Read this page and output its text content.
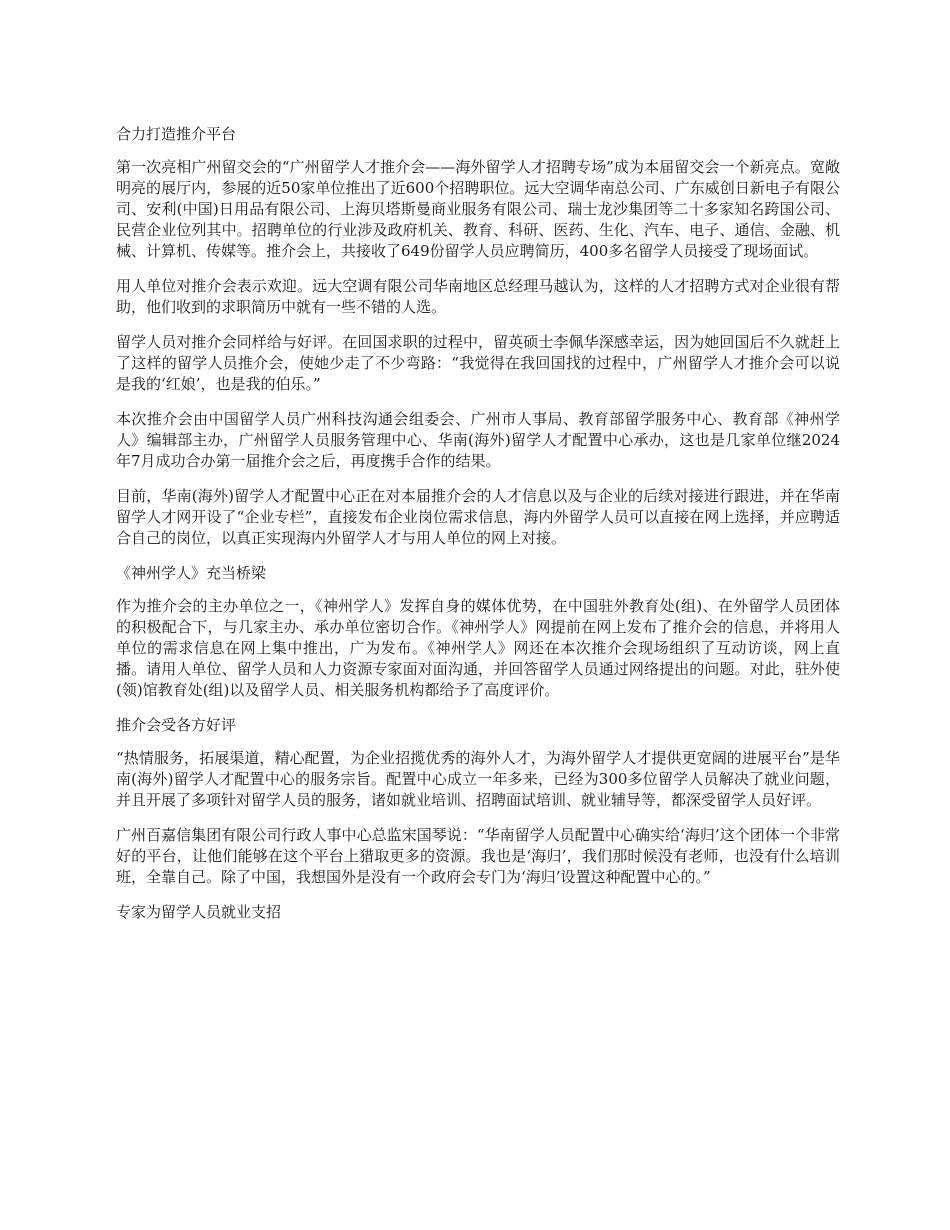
合力打造推介平台

第一次亮相广州留交会的“广州留学人才推介会——海外留学人才招聘专场”成为本届留交会一个新亮点。宽敞明亮的展厅内，参展的近50家单位推出了近600个招聘职位。远大空调华南总公司、广东威创日新电子有限公司、安利(中国)日用品有限公司、上海贝塔斯曼商业服务有限公司、瑞士龙沙集团等二十多家知名跨国公司、民营企业位列其中。招聘单位的行业涉及政府机关、教育、科研、医药、生化、汽车、电子、通信、金融、机械、计算机、传媒等。推介会上，共接收了649份留学人员应聘简历，400多名留学人员接受了现场面试。

用人单位对推介会表示欢迎。远大空调有限公司华南地区总经理马越认为，这样的人才招聘方式对企业很有帮助，他们收到的求职简历中就有一些不错的人选。

留学人员对推介会同样给与好评。在回国求职的过程中，留英硕士李佩华深感幸运，因为她回国后不久就赶上了这样的留学人员推介会，使她少走了不少弯路：“我觉得在我回国找的过程中，广州留学人才推介会可以说是我的‘红娘’，也是我的伯乐。”

本次推介会由中国留学人员广州科技沟通会组委会、广州市人事局、教育部留学服务中心、教育部《神州学人》编辑部主办，广州留学人员服务管理中心、华南(海外)留学人才配置中心承办，这也是几家单位继2024年7月成功合办第一届推介会之后，再度携手合作的结果。

目前，华南(海外)留学人才配置中心正在对本届推介会的人才信息以及与企业的后续对接进行跟进，并在华南留学人才网开设了“企业专栏”，直接发布企业岗位需求信息，海内外留学人员可以直接在网上选择，并应聘适合自己的岗位，以真正实现海内外留学人才与用人单位的网上对接。

《神州学人》充当桥梁

作为推介会的主办单位之一，《神州学人》发挥自身的媒体优势，在中国驻外教育处(组)、在外留学人员团体的积极配合下，与几家主办、承办单位密切合作。《神州学人》网提前在网上发布了推介会的信息，并将用人单位的需求信息在网上集中推出，广为发布。《神州学人》网还在本次推介会现场组织了互动访谈，网上直播。请用人单位、留学人员和人力资源专家面对面沟通，并回答留学人员通过网络提出的问题。对此，驻外使(领)馆教育处(组)以及留学人员、相关服务机构都给予了高度评价。

推介会受各方好评

“热情服务，拓展渠道，精心配置，为企业招揽优秀的海外人才，为海外留学人才提供更宽阔的进展平台”是华南(海外)留学人才配置中心的服务宗旨。配置中心成立一年多来，已经为300多位留学人员解决了就业问题，并且开展了多项针对留学人员的服务，诸如就业培训、招聘面试培训、就业辅导等，都深受留学人员好评。

广州百嘉信集团有限公司行政人事中心总监宋国琴说：“华南留学人员配置中心确实给‘海归’这个团体一个非常好的平台，让他们能够在这个平台上猎取更多的资源。我也是‘海归’，我们那时候没有老师，也没有什么培训班，全靠自己。除了中国，我想国外是没有一个政府会专门为‘海归’设置这种配置中心的。”

专家为留学人员就业支招
